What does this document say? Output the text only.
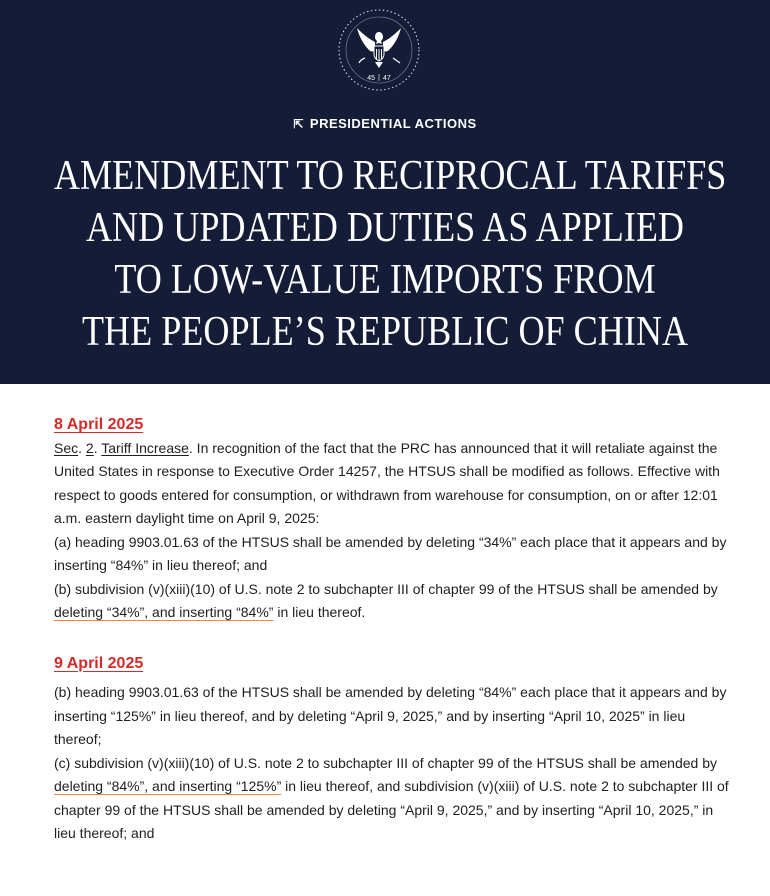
45 47
⇱ PRESIDENTIAL ACTIONS
AMENDMENT TO RECIPROCAL TARIFFS
AND UPDATED DUTIES AS APPLIED
TO LOW-VALUE IMPORTS FROM
THE PEOPLE’S REPUBLIC OF CHINA
8 April 2025

Sec. 2. Tariff Increase. In recognition of the fact that the PRC has announced that it will retaliate against the United States in response to Executive Order 14257, the HTSUS shall be modified as follows. Effective with respect to goods entered for consumption, or withdrawn from warehouse for consumption, on or after 12:01 a.m. eastern daylight time on April 9, 2025:

(a) heading 9903.01.63 of the HTSUS shall be amended by deleting “34%” each place that it appears and by inserting “84%” in lieu thereof; and

(b) subdivision (v)(xiii)(10) of U.S. note 2 to subchapter III of chapter 99 of the HTSUS shall be amended by deleting “34%”, and inserting “84%” in lieu thereof.

9 April 2025

(b) heading 9903.01.63 of the HTSUS shall be amended by deleting “84%” each place that it appears and by inserting “125%” in lieu thereof, and by deleting “April 9, 2025,” and by inserting “April 10, 2025” in lieu thereof;

(c) subdivision (v)(xiii)(10) of U.S. note 2 to subchapter III of chapter 99 of the HTSUS shall be amended by deleting “84%”, and inserting “125%” in lieu thereof, and subdivision (v)(xiii) of U.S. note 2 to subchapter III of chapter 99 of the HTSUS shall be amended by deleting “April 9, 2025,” and by inserting “April 10, 2025,” in lieu thereof; and
